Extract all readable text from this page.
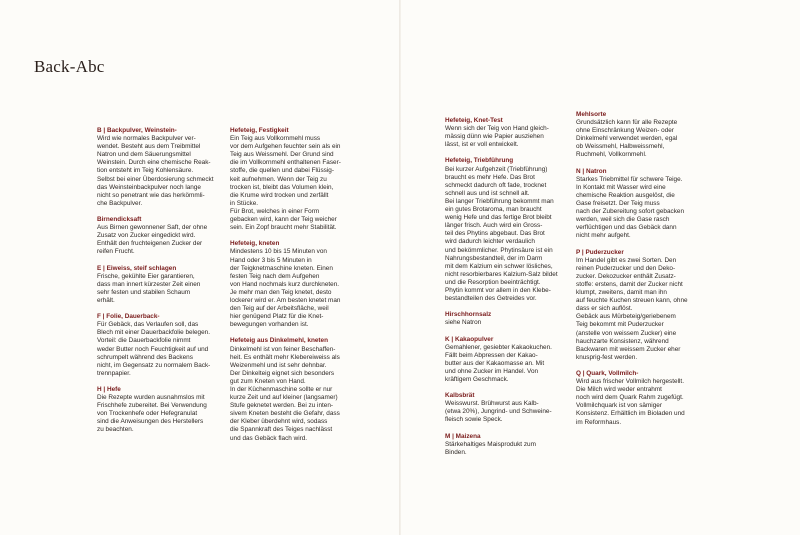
Back-Abc
B | Backpulver, Weinstein-
Wird wie normales Backpulver ver-
wendet. Besteht aus dem Treibmittel
Natron und dem Säuerungsmittel
Weinstein. Durch eine chemische Reak-
tion entsteht im Teig Kohlensäure.
Selbst bei einer Überdosierung schmeckt
das Weinsteinbackpulver noch lange
nicht so penetrant wie das herkömmli-
che Backpulver.
Birnendicksaft
Aus Birnen gewonnener Saft, der ohne
Zusatz von Zucker eingedickt wird.
Enthält den fruchteigenen Zucker der
reifen Frucht.
E | Eiweiss, steif schlagen
Frische, gekühlte Eier garantieren,
dass man innert kürzester Zeit einen
sehr festen und stabilen Schaum
erhält.
F | Folie, Dauerback-
Für Gebäck, das Verlaufen soll, das
Blech mit einer Dauerbackfolie belegen.
Vorteil: die Dauerbackfolie nimmt
weder Butter noch Feuchtigkeit auf und
schrumpelt während des Backens
nicht, im Gegensatz zu normalem Back-
trennpapier.
H | Hefe
Die Rezepte wurden ausnahmslos mit
Frischhefe zubereitet. Bei Verwendung
von Trockenhefe oder Hefegranulat
sind die Anweisungen des Herstellers
zu beachten.
Hefeteig, Festigkeit
Ein Teig aus Vollkornmehl muss
vor dem Aufgehen feuchter sein als ein
Teig aus Weissmehl. Der Grund sind
die im Vollkornmehl enthaltenen Faser-
stoffe, die quellen und dabei Flüssig-
keit aufnehmen. Wenn der Teig zu
trocken ist, bleibt das Volumen klein,
die Krume wird trocken und zerfällt
in Stücke.
Für Brot, welches in einer Form
gebacken wird, kann der Teig weicher
sein. Ein Zopf braucht mehr Stabilität.
Hefeteig, kneten
Mindestens 10 bis 15 Minuten von
Hand oder 3 bis 5 Minuten in
der Teigknetmaschine kneten. Einen
festen Teig nach dem Aufgehen
von Hand nochmals kurz durchkneten.
Je mehr man den Teig knetet, desto
lockerer wird er. Am besten knetet man
den Teig auf der Arbeitsfläche, weil
hier genügend Platz für die Knet-
bewegungen vorhanden ist.
Hefeteig aus Dinkelmehl, kneten
Dinkelmehl ist von feiner Beschaffen-
heit. Es enthält mehr Klebereiweiss als
Weizenmehl und ist sehr dehnbar.
Der Dinkelteig eignet sich besonders
gut zum Kneten von Hand.
In der Küchenmaschine sollte er nur
kurze Zeit und auf kleiner (langsamer)
Stufe geknetet werden. Bei zu inten-
sivem Kneten besteht die Gefahr, dass
der Kleber überdehnt wird, sodass
die Spannkraft des Teiges nachlässt
und das Gebäck flach wird.
Hefeteig, Knet-Test
Wenn sich der Teig von Hand gleich-
mässig dünn wie Papier ausziehen
lässt, ist er voll entwickelt.
Hefeteig, Triebführung
Bei kurzer Aufgehzeit (Triebführung)
braucht es mehr Hefe. Das Brot
schmeckt dadurch oft fade, trocknet
schnell aus und ist schnell alt.
Bei langer Triebführung bekommt man
ein gutes Brotaroma, man braucht
wenig Hefe und das fertige Brot bleibt
länger frisch. Auch wird ein Gross-
teil des Phytins abgebaut. Das Brot
wird dadurch leichter verdaulich
und bekömmlicher. Phytinsäure ist ein
Nahrungsbestandteil, der im Darm
mit dem Kalzium ein schwer lösliches,
nicht resorbierbares Kalzium-Salz bildet
und die Resorption beeinträchtigt.
Phytin kommt vor allem in den Klebe-
bestandteilen des Getreides vor.
Hirschhornsalz
siehe Natron
K | Kakaopulver
Gemahlener, gesiebter Kakaokuchen.
Fällt beim Abpressen der Kakao-
butter aus der Kakaomasse an. Mit
und ohne Zucker im Handel. Von
kräftigem Geschmack.
Kalbsbrät
Weisswurst. Brühwurst aus Kalb-
(etwa 20%), Jungrind- und Schweine-
fleisch sowie Speck.
M | Maizena
Stärkehaltiges Maisprodukt zum
Binden.
Mehlsorte
Grundsätzlich kann für alle Rezepte
ohne Einschränkung Weizen- oder
Dinkelmehl verwendet werden, egal
ob Weissmehl, Halbweissmehl,
Ruchmehl, Vollkornmehl.
N | Natron
Starkes Triebmittel für schwere Teige.
In Kontakt mit Wasser wird eine
chemische Reaktion ausgelöst, die
Gase freisetzt. Der Teig muss
nach der Zubereitung sofort gebacken
werden, weil sich die Gase rasch
verflüchtigen und das Gebäck dann
nicht mehr aufgeht.
P | Puderzucker
Im Handel gibt es zwei Sorten. Den
reinen Puderzucker und den Deko-
zucker. Dekozucker enthält Zusatz-
stoffe: erstens, damit der Zucker nicht
klumpt, zweitens, damit man ihn
auf feuchte Kuchen streuen kann, ohne
dass er sich auflöst.
Gebäck aus Mürbeteig/geriebenem
Teig bekommt mit Puderzucker
(anstelle von weissem Zucker) eine
hauchzarte Konsistenz, während
Backwaren mit weissem Zucker eher
knusprig-fest werden.
Q | Quark, Vollmilch-
Wird aus frischer Vollmilch hergestellt.
Die Milch wird weder entrahmt
noch wird dem Quark Rahm zugefügt.
Vollmilchquark ist von sämiger
Konsistenz. Erhältlich im Bioladen und
im Reformhaus.
